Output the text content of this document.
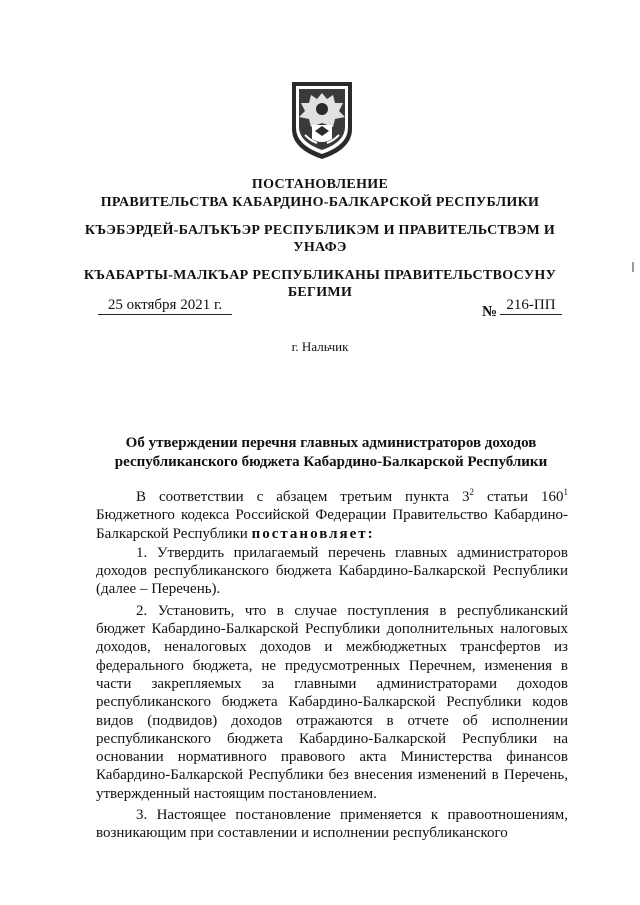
ПОСТАНОВЛЕНИЕ
ПРАВИТЕЛЬСТВА КАБАРДИНО-БАЛКАРСКОЙ РЕСПУБЛИКИ
КЪЭБЭРДЕЙ-БАЛЪКЪЭР РЕСПУБЛИКЭМ И ПРАВИТЕЛЬСТВЭМ И
УНАФЭ
КЪАБАРТЫ-МАЛКЪАР РЕСПУБЛИКАНЫ ПРАВИТЕЛЬСТВОСУНУ
БЕГИМИ
25 октября 2021 г.	№ 216-ПП
г. Нальчик
Об утверждении перечня главных администраторов доходов
республиканского бюджета Кабардино-Балкарской Республики

В соответствии с абзацем третьим пункта $3^2$ статьи $160^1$ Бюджетного кодекса Российской Федерации Правительство Кабардино-Балкарской Республики постановляет:

1. Утвердить прилагаемый перечень главных администраторов доходов республиканского бюджета Кабардино-Балкарской Республики (далее – Перечень).

2. Установить, что в случае поступления в республиканский бюджет Кабардино-Балкарской Республики дополнительных налоговых доходов, неналоговых доходов и межбюджетных трансфертов из федерального бюджета, не предусмотренных Перечнем, изменения в части закрепляемых за главными администраторами доходов республиканского бюджета Кабардино-Балкарской Республики кодов видов (подвидов) доходов отражаются в отчете об исполнении республиканского бюджета Кабардино-Балкарской Республики на основании нормативного правового акта Министерства финансов Кабардино-Балкарской Республики без внесения изменений в Перечень, утвержденный настоящим постановлением.

3. Настоящее постановление применяется к правоотношениям, возникающим при составлении и исполнении республиканского
